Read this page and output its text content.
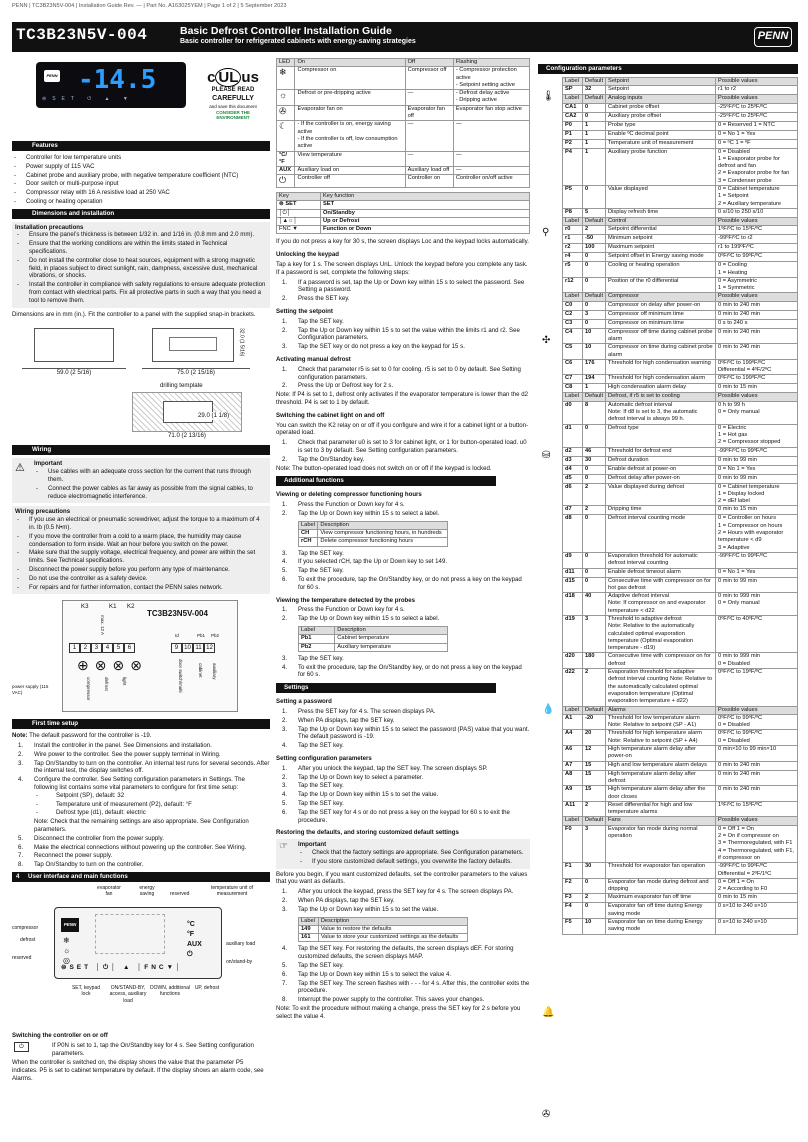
PENN | TC3B23N5V-004 | Installation Guide Rev. — | Part No. A163025YEM | Page 1 of 2 | 5 September 2023
TC3B23N5V-004	Basic Defrost Controller Installation Guide
Basic controller for refrigerated cabinets with energy-saving strategies	PENN
PENN -14.5
⊜SET ⏻ ▲ ▼
c UL us
PLEASE READ
CAREFULLY
and save this document
CONSIDER THE ENVIRONMENT
Features
- Controller for low temperature units
- Power supply of 115 VAC
- Cabinet probe and auxiliary probe, with negative temperature coefficient (NTC)
- Door switch or multi-purpose input
- Compressor relay with 16 A resistive load at 250 VAC
- Cooling or heating operation
Dimensions and installation
Installation precautions
- Ensure the panel’s thickness is between 1/32 in. and 1/16 in. (0.8 mm and 2.0 mm).
- Ensure that the working conditions are within the limits stated in Technical specifications.
- Do not install the controller close to heat sources, equipment with a strong magnetic field, in places subject to direct sunlight, rain, dampness, excessive dust, mechanical vibrations, or shocks.
- Install the controller in compliance with safety regulations to ensure adequate protection from contact with electrical parts. Fix all protective parts in such a way that you need a tool to remove them.

Dimensions are in mm (in.). Fit the controller to a panel with the supplied snap-in brackets.

59.0 (2 5/16)
32.0 (1 5/16)
75.0 (2 15/16)
drilling template
29.0 (1 1/8)
71.0 (2 13/16)
Wiring
⚠ Important
- Use cables with an adequate cross section for the current that runs through them.
- Connect the power cables as far away as possible from the signal cables, to reduce electromagnetic interference.
Wiring precautions
- If you use an electrical or pneumatic screwdriver, adjust the torque to a maximum of 4 in. lb (0.5 N•m).
- If you move the controller from a cold to a warm place, the humidity may cause condensation to form inside. Wait an hour before you switch on the power.
- Make sure that the supply voltage, electrical frequency, and power are within the set limits. See Technical specifications.
- Disconnect the power supply before you perform any type of maintenance.
- Do not use the controller as a safety device.
- For repairs and for further information, contact the PENN sales network.
TC3B23N5V-004
K3	K1 K2
max. 12 A
1	2	3	4	5	6	9 10 11 12
Id	Pb1 Pb2
⊕⊗⊗⊗
compressor	defrost	light	door switch/multi	cabinet auxiliary
power supply (115 VAC)
First time setup

Note: The default password for the controller is -19.

1. Install the controller in the panel. See Dimensions and installation.
2. Wire power to the controller. See the power supply terminal in Wiring.
3. Tap On/Standby to turn on the controller. An internal test runs for several seconds. After the internal test, the display switches off.
4. Configure the controller. See Setting configuration parameters in Settings. The following list contains some vital parameters to configure for first time setup:
- Setpoint (SP), default: 32
- Temperature unit of measurement (P2), default: °F
- Defrost type (d1), default: electric
Note: Check that the remaining settings are also appropriate. See Configuration parameters.
5. Disconnect the controller from the power supply.
6. Make the electrical connections without powering up the controller. See Wiring.
7. Reconnect the power supply.
8. Tap On/Standby to turn on the controller.
4     User interface and main functions
evaporator fan
energy saving	reserved
temperature unit of measurement
PENN
❄
☼
◎
°C
°F
AUX
⏻
⊜SET │⏻│ ▲ │FNC▼│
compressor
defrost
reserved
auxiliary load
on/stand-by
SET, keypad lock
ON/STAND-BY, access, auxiliary load
DOWN, additional functions
UP, defrost
Switching the controller on or off

⏻	If P0N is set to 1, tap the On/Standby key for 4 s. See Setting configuration parameters.

When the controller is switched on, the display shows the value that the parameter P5 indicates. P5 is set to cabinet temperature by default. If the display shows an alarm code, see Alarms.

LED	On	Off	Flashing
❄	Compressor on	Compressor off	- Compressor protection active
- Setpoint setting active
☼	Defrost or pre-dripping active	—	- Defrost delay active
- Dripping active
✇	Evaporator fan on	Evaporator fan off	Evaporator fan stop active
☾	- If the controller is on, energy saving active
- If the controller is off, low consumption active	—	—
°C/°F	View temperature	—	—
AUX	Auxiliary load on	Auxiliary load off	—
⏻	Controller off	Controller on	Controller on/off active
Key	Key function
⊜ SET	SET
│⏻│	On/Standby
│▲☼│	Up or Defrost
FNC ▼	Function or Down

If you do not press a key for 30 s, the screen displays Loc and the keypad locks automatically.

Unlocking the keypad

Tap a key for 1 s. The screen displays UnL. Unlock the keypad before you complete any task. If a password is set, complete the following steps:

1. If a password is set, tap the Up or Down key within 15 s to select the password. See Setting a password.
2. Press the SET key.
Setting the setpoint
1. Tap the SET key.
2. Tap the Up or Down key within 15 s to set the value within the limits r1 and r2. See Configuration parameters.
3. Tap the SET key or do not press a key on the keypad for 15 s.
Activating manual defrost
1. Check that parameter r5 is set to 0 for cooling. r5 is set to 0 by default. See Setting configuration parameters.
2. Press the Up or Defrost key for 2 s.

Note: If P4 is set to 1, defrost only activates if the evaporator temperature is lower than the d2 threshold. P4 is set to 1 by default.

Switching the cabinet light on and off

You can switch the K2 relay on or off if you configure and wire it for a cabinet light or a button-operated load.

1. Check that parameter u0 is set to 3 for cabinet light, or 1 for button-operated load. u0 is set to 3 by default. See Setting configuration parameters.
2. Tap the On/Standby key.

Note: The button-operated load does not switch on or off if the keypad is locked.

Additional functions
Viewing or deleting compressor functioning hours
1. Press the Function or Down key for 4 s.
2. Tap the Up or Down key within 15 s to select a label.
Label	Description
CH	View compressor functioning hours, in hundreds
rCH	Delete compressor functioning hours
3. Tap the SET key.
4. If you selected rCH, tap the Up or Down key to set 149.
5. Tap the SET key.
6. To exit the procedure, tap the On/Standby key, or do not press a key on the keypad for 60 s.
Viewing the temperature detected by the probes
1. Press the Function or Down key for 4 s.
2. Tap the Up or Down key within 15 s to select a label.
Label	Description
Pb1	Cabinet temperature
Pb2	Auxiliary temperature
3. Tap the SET key.
4. To exit the procedure, tap the On/Standby key, or do not press a key on the keypad for 60 s.
Settings
Setting a password
1. Press the SET key for 4 s. The screen displays PA.
2. When PA displays, tap the SET key.
3. Tap the Up or Down key within 15 s to select the password (PAS) value that you want. The default password is -19.
4. Tap the SET key.
Setting configuration parameters
1. After you unlock the keypad, tap the SET key. The screen displays SP.
2. Tap the Up or Down key to select a parameter.
3. Tap the SET key.
4. Tap the Up or Down key within 15 s to set the value.
5. Tap the SET key.
6. Tap the SET key for 4 s or do not press a key on the keypad for 60 s to exit the procedure.
Restoring the defaults, and storing customized default settings
☞ Important
- Check that the factory settings are appropriate. See Configuration parameters.
- If you store customized default settings, you overwrite the factory defaults.

Before you begin, if you want customized defaults, set the controller parameters to the values that you want as defaults.

1. After you unlock the keypad, press the SET key for 4 s. The screen displays PA.
2. When PA displays, tap the SET key.
3. Tap the Up or Down key within 15 s to set the value.
Label	Description
149	Value to restore the defaults
161	Value to store your customized settings as the defaults
4. Tap the SET key. For restoring the defaults, the screen displays dEF. For storing customized defaults, the screen displays MAP.
5. Tap the SET key.
6. Tap the Up or Down key within 15 s to select the value 4.
7. Tap the SET key. The screen flashes with - - - for 4 s. After this, the controller exits the procedure.
8. Interrupt the power supply to the controller. This saves your changes.

Note: To exit the procedure without making a change, press the SET key for 2 s before you select the value 4.

Configuration parameters
🌡
⚲
✣
⛁
💧
🔔
✇
Label	Default	Setpoint	Possible values
SP	32	Setpoint	r1 to r2
Label	Default	Analog inputs	Possible values
CA1	0	Cabinet probe offset	-25ºF/ºC to 25ºF/ºC
CA2	0	Auxiliary probe offset	-25ºF/ºC to 25ºF/ºC
P0	1	Probe type	0 = Reserved 1 = NTC
P1	1	Enable ºC decimal point	0 = No 1 = Yes
P2	1	Temperature unit of measurement	0 = ºC 1 = ºF
P4	1	Auxiliary probe function	0 = Disabled
1 = Evaporator probe for defrost and fan
2 = Evaporator probe for fan
3 = Condenser probe
P5	0	Value displayed	0 = Cabinet temperature
1 = Setpoint
2 = Auxiliary temperature
P8	5	Display refresh time	0 s/10 to 250 s/10
Label	Default	Control	Possible values
r0	2	Setpoint differential	1ºF/ºC to 15ºF/ºC
r1	-50	Minimum setpoint	-99ºF/ºC to r2
r2	100	Maximum setpoint	r1 to 199ºF/ºC
r4	0	Setpoint offset in Energy saving mode	0ºF/ºC to 99ºF/ºC
r5	0	Cooling or heating operation	0 = Cooling
1 = Heating
r12	0	Position of the r0 differential	0 = Asymmetric
1 = Symmetric
Label	Default	Compressor	Possible values
C0	0	Compressor on delay after power-on	0 min to 240 min
C2	3	Compressor off minimum time	0 min to 240 min
C3	0	Compressor on minimum time	0 s to 240 s
C4	10	Compressor off time during cabinet probe alarm	0 min to 240 min
C5	10	Compressor on time during cabinet probe alarm	0 min to 240 min
C6	176	Threshold for high condensation warning	0ºF/ºC to 199ºF/ºC
Differential = 4ºF/2ºC
C7	194	Threshold for high condensation alarm	0ºF/ºC to 199ºF/ºC
C8	1	High condensation alarm delay	0 min to 15 min
Label	Default	Defrost, if r5 is set to cooling	Possible values
d0	8	Automatic defrost interval
Note: If d8 is set to 3, the automatic defrost interval is always 99 h.	0 h to 99 h
0 = Only manual
d1	0	Defrost type	0 = Electric
1 = Hot gas
2 = Compressor stopped
d2	46	Threshold for defrost end	-99ºF/ºC to 99ºF/ºC
d3	30	Defrost duration	0 min to 99 min
d4	0	Enable defrost at power-on	0 = No 1 = Yes
d5	0	Defrost delay after power-on	0 min to 99 min
d6	2	Value displayed during defrost	0 = Cabinet temperature
1 = Display locked
2 = dEf label
d7	2	Dripping time	0 min to 15 min
d8	0	Defrost interval counting mode	0 = Controller on hours
1 = Compressor on hours
2 = Hours with evaporator temperature < d9
3 = Adaptive
d9	0	Evaporation threshold for automatic defrost interval counting	-99ºF/ºC to 99ºF/ºC
d11	0	Enable defrost timeout alarm	0 = No 1 = Yes
d15	0	Consecutive time with compressor on for hot gas defrost	0 min to 99 min
d18	40	Adaptive defrost interval
Note: If compressor on and evaporator temperature < d22	0 min to 999 min
0 = Only manual
d19	3	Threshold to adaptive defrost
Note: Relative to the automatically calculated optimal evaporation temperature (Optimal evaporation temperature - d19)	0ºF/ºC to 40ºF/ºC
d20	180	Consecutive time with compressor on for defrost	0 min to 999 min
0 = Disabled
d22	2	Evaporation threshold for adaptive defrost interval counting Note: Relative to the automatically calculated optimal evaporation temperature (Optimal evaporation temperature + d22)	0ºF/ºC to 19ºF/ºC
Label	Default	Alarms	Possible values
A1	-20	Threshold for low temperature alarm
Note: Relative to setpoint (SP - A1)	0ºF/ºC to 99ºF/ºC
0 = Disabled
A4	20	Threshold for high temperature alarm
Note: Relative to setpoint (SP + A4)	0ºF/ºC to 99ºF/ºC
0 = Disabled
A6	12	High temperature alarm delay after power-on	0 min×10 to 99 min×10
A7	15	High and low temperature alarm delays	0 min to 240 min
A8	15	High temperature alarm delay after defrost	0 min to 240 min
A9	15	High temperature alarm delay after the door closes	0 min to 240 min
A11	2	Reset differential for high and low temperature alarms	1ºF/ºC to 15ºF/ºC
Label	Default	Fans	Possible values
F0	3	Evaporator fan mode during normal operation	0 = Off 1 = On
2 = On if compressor on
3 = Thermoregulated, with F1
4 = Thermoregulated, with F1, if compressor on
F1	30	Threshold for evaporator fan operation	-99ºF/ºC to 99ºF/ºC
Differential = 2ºF/1ºC
F2	0	Evaporator fan mode during defrost and dripping	0 = Off 1 = On
2 = According to F0
F3	2	Maximum evaporator fan off time	0 min to 15 min
F4	0	Evaporator fan off time during Energy saving mode	0 s×10 to 240 s×10
F5	10	Evaporator fan on time during Energy saving mode	0 s×10 to 240 s×10
